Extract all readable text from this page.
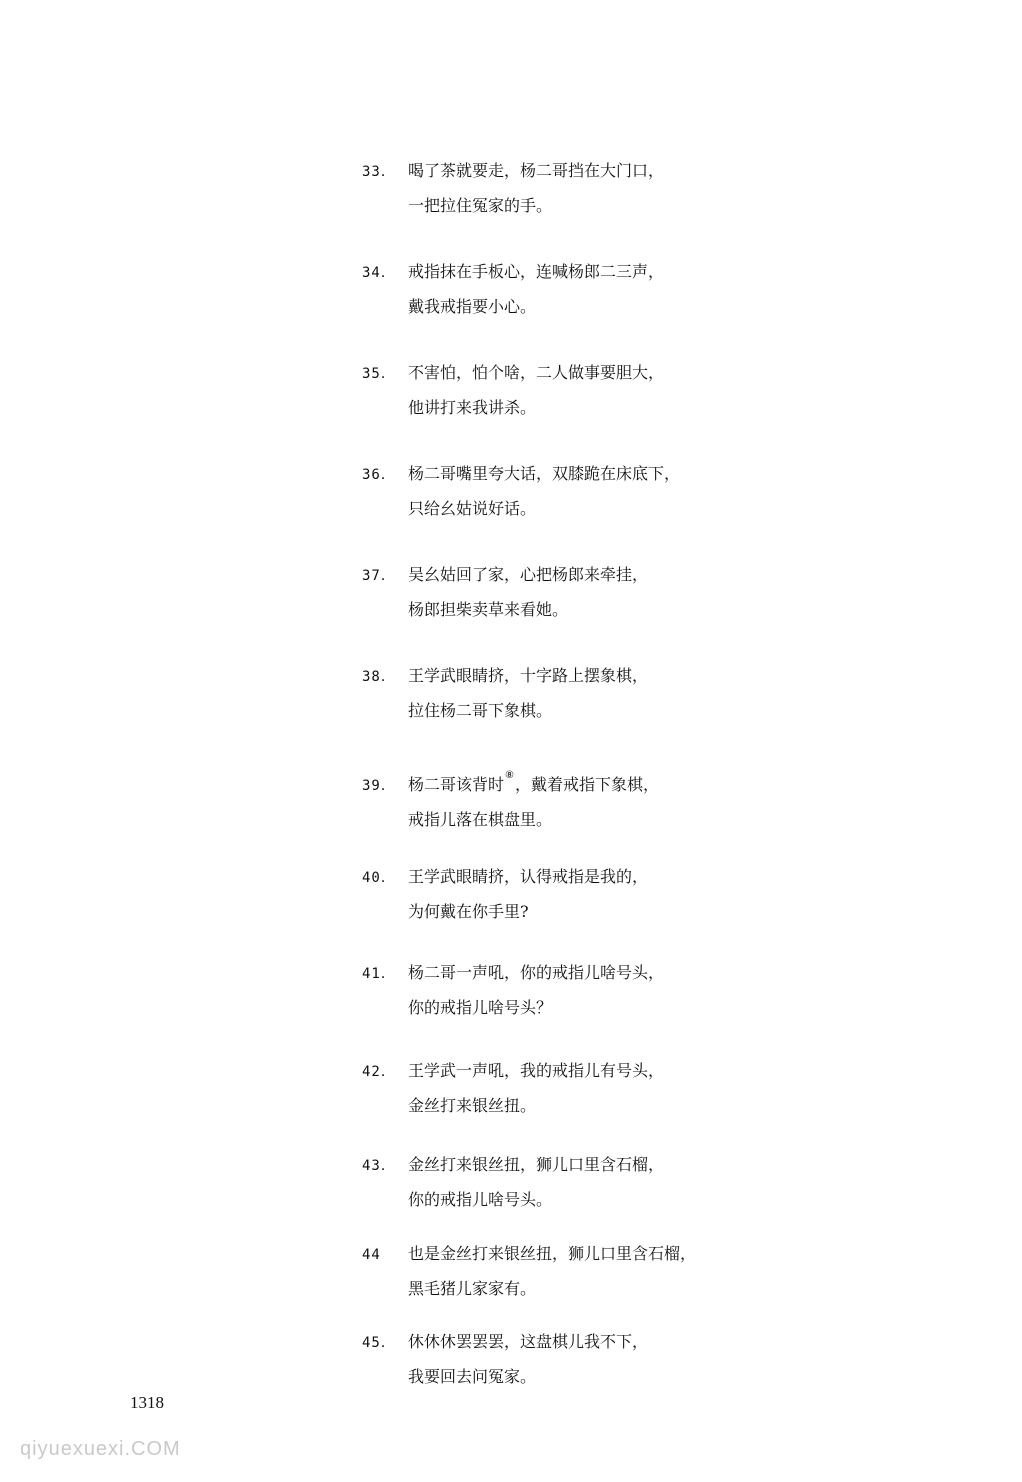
33． 喝了茶就要走，杨二哥挡在大门口，
一把拉住冤家的手。
34． 戒指抹在手板心，连喊杨郎二三声，
戴我戒指要小心。
35． 不害怕，怕个啥，二人做事要胆大，
他讲打来我讲杀。
36． 杨二哥嘴里夸大话，双膝跪在床底下，
只给幺姑说好话。
37． 吴幺姑回了家，心把杨郎来牵挂，
杨郎担柴卖草来看她。
38． 王学武眼睛挤，十字路上摆象棋，
拉住杨二哥下象棋。
39． 杨二哥该背时⑧，戴着戒指下象棋，
戒指儿落在棋盘里。
40． 王学武眼睛挤，认得戒指是我的，
为何戴在你手里?
41． 杨二哥一声吼，你的戒指儿啥号头，
你的戒指儿啥号头？
42． 王学武一声吼，我的戒指儿有号头，
金丝打来银丝扭。
43． 金丝打来银丝扭，狮儿口里含石榴，
你的戒指儿啥号头。
44 也是金丝打来银丝扭，狮儿口里含石榴，
黑毛猪儿家家有。
45． 休休休罢罢罢，这盘棋儿我不下，
我要回去问冤家。
1318
qiyuexuexi.COM
